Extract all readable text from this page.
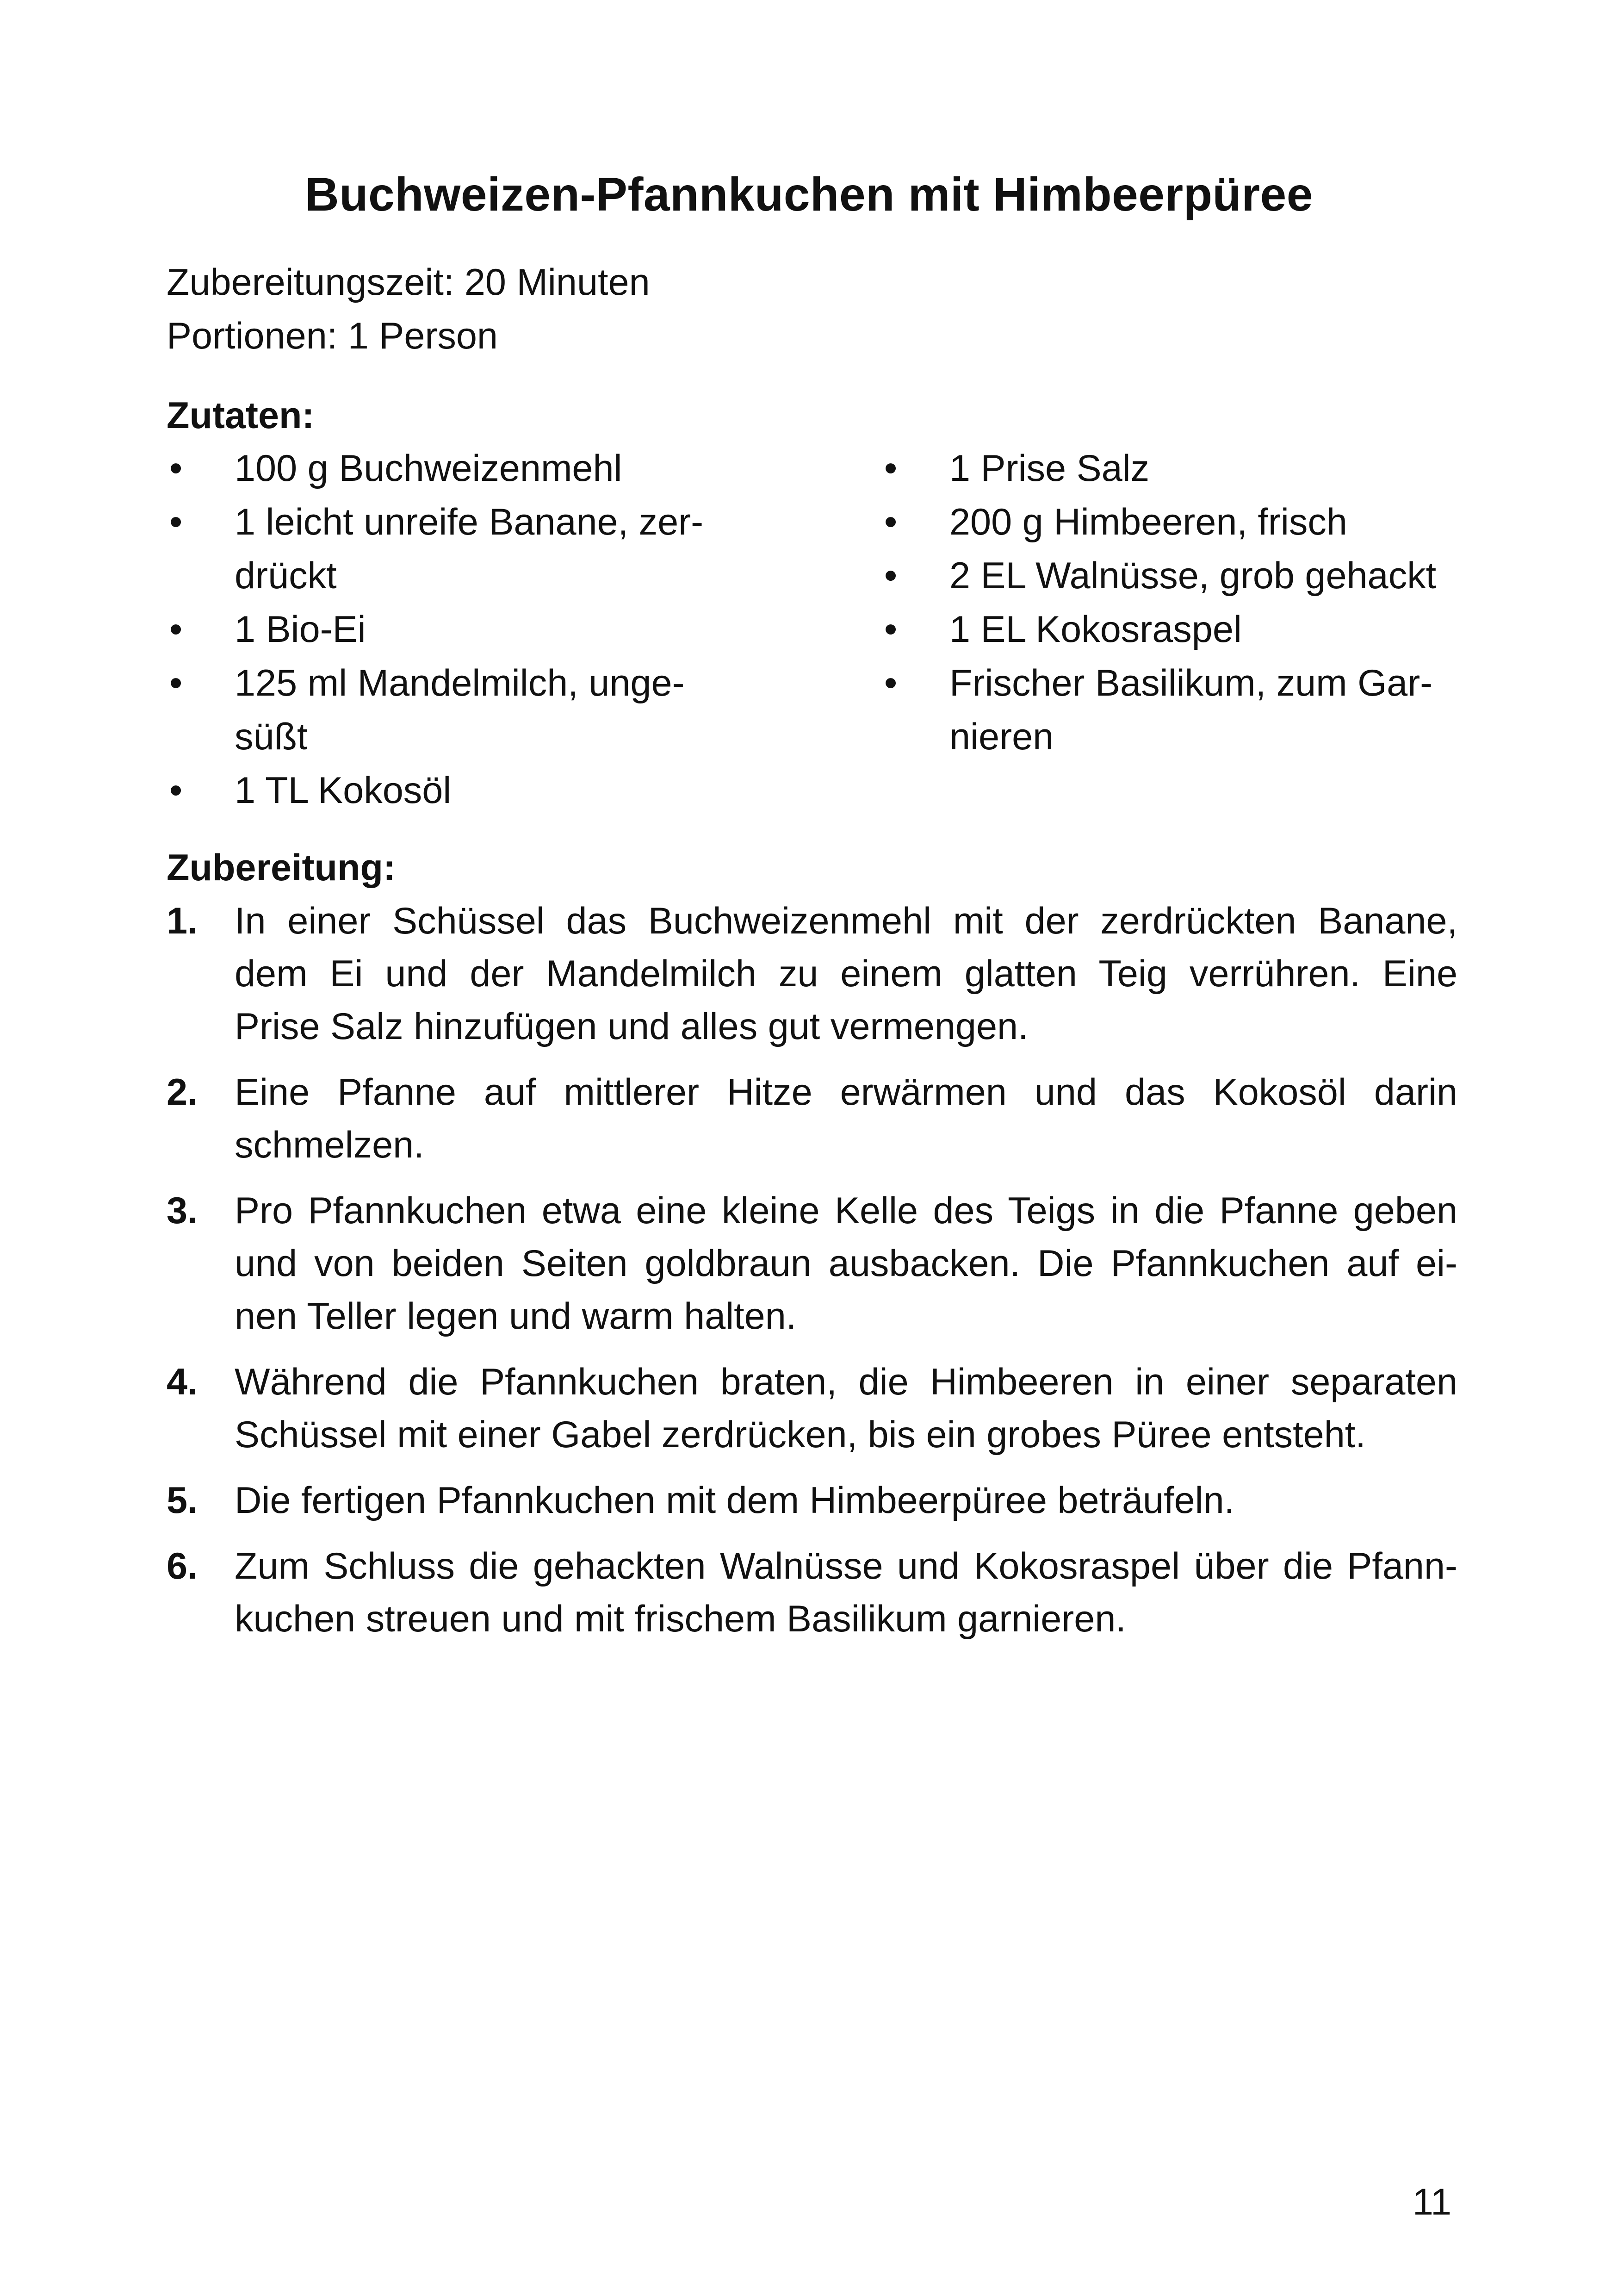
Buchweizen-Pfannkuchen mit Himbeerpüree
Zubereitungszeit: 20 Minuten
Portionen: 1 Person
Zutaten:
• 100 g Buchweizenmehl
• 1 leicht unreife Banane, zer-
drückt
• 1 Bio-Ei
• 125 ml Mandelmilch, unge-
süßt
• 1 TL Kokosöl
• 1 Prise Salz
• 200 g Himbeeren, frisch
• 2 EL Walnüsse, grob gehackt
• 1 EL Kokosraspel
• Frischer Basilikum, zum Gar-
nieren
Zubereitung:
1. In einer Schüssel das Buchweizenmehl mit der zerdrückten Banane,
dem Ei und der Mandelmilch zu einem glatten Teig verrühren. Eine
Prise Salz hinzufügen und alles gut vermengen.
2. Eine Pfanne auf mittlerer Hitze erwärmen und das Kokosöl darin
schmelzen.
3. Pro Pfannkuchen etwa eine kleine Kelle des Teigs in die Pfanne geben
und von beiden Seiten goldbraun ausbacken. Die Pfannkuchen auf ei-
nen Teller legen und warm halten.
4. Während die Pfannkuchen braten, die Himbeeren in einer separaten
Schüssel mit einer Gabel zerdrücken, bis ein grobes Püree entsteht.
5. Die fertigen Pfannkuchen mit dem Himbeerpüree beträufeln.
6. Zum Schluss die gehackten Walnüsse und Kokosraspel über die Pfann-
kuchen streuen und mit frischem Basilikum garnieren.
11
